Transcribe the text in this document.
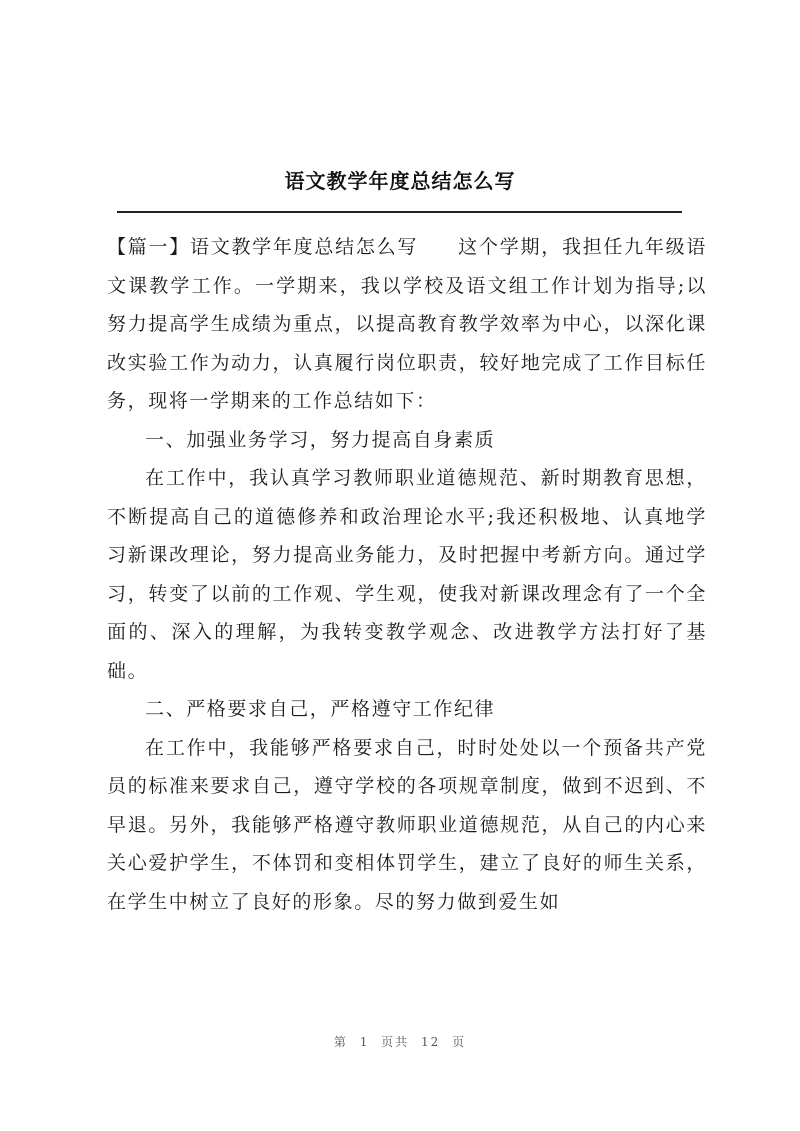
语文教学年度总结怎么写

【篇一】语文教学年度总结怎么写 这个学期，我担任九年级语文课教学工作。一学期来，我以学校及语文组工作计划为指导;以努力提高学生成绩为重点，以提高教育教学效率为中心，以深化课改实验工作为动力，认真履行岗位职责，较好地完成了工作目标任务，现将一学期来的工作总结如下：

一、加强业务学习，努力提高自身素质

在工作中，我认真学习教师职业道德规范、新时期教育思想，不断提高自己的道德修养和政治理论水平;我还积极地、认真地学习新课改理论，努力提高业务能力，及时把握中考新方向。通过学习，转变了以前的工作观、学生观，使我对新课改理念有了一个全面的、深入的理解，为我转变教学观念、改进教学方法打好了基础。

二、严格要求自己，严格遵守工作纪律

在工作中，我能够严格要求自己，时时处处以一个预备共产党员的标准来要求自己，遵守学校的各项规章制度，做到不迟到、不早退。另外，我能够严格遵守教师职业道德规范，从自己的内心来关心爱护学生，不体罚和变相体罚学生，建立了良好的师生关系，在学生中树立了良好的形象。尽的努力做到爱生如

第 1 页共 12 页
